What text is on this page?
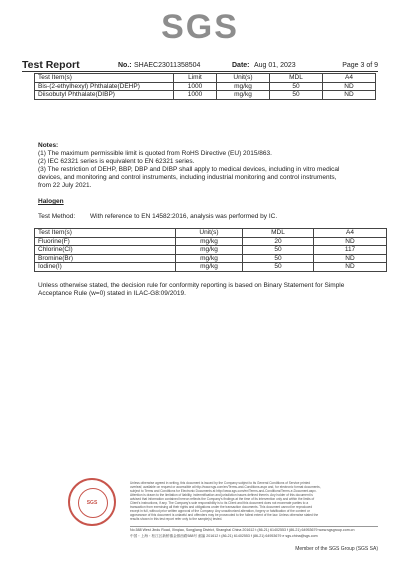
SGS
Test Report	No.: SHAEC23011358504	Date: Aug 01, 2023	Page 3 of 9
Test Item(s)	Limit	Unit(s)	MDL	A4
Bis-(2-ethylhexyl) Phthalate(DEHP)	1000	mg/kg	50	ND
Diisobutyl Phthalate(DIBP)	1000	mg/kg	50	ND
Notes:
(1) The maximum permissible limit is quoted from RoHS Directive (EU) 2015/863.
(2) IEC 62321 series is equivalent to EN 62321 series.
(3) The restriction of DEHP, BBP, DBP and DIBP shall apply to medical devices, including in vitro medical
devices, and monitoring and control instruments, including industrial monitoring and control instruments,
from 22 July 2021.
Halogen
Test Method: With reference to EN 14582:2016, analysis was performed by IC.
Test Item(s)	Unit(s)	MDL	A4
Fluorine(F)	mg/kg	20	ND
Chlorine(Cl)	mg/kg	50	117
Bromine(Br)	mg/kg	50	ND
Iodine(I)	mg/kg	50	ND
Unless otherwise stated, the decision rule for conformity reporting is based on Binary Statement for Simple
Acceptance Rule (w=0) stated in ILAC-G8:09/2019.
SGS
Unless otherwise agreed in writing, this document is issued by the Company subject to its General Conditions of Service printed
overleaf, available on request or accessible at http://www.sgs.com/en/Terms-and-Conditions.aspx and, for electronic format documents,
subject to Terms and Conditions for Electronic Documents at http://www.sgs.com/en/Terms-and-Conditions/Terms-e-Document.aspx.
Attention is drawn to the limitation of liability, indemnification and jurisdiction issues defined therein. Any holder of this document is
advised that information contained hereon reflects the Company's findings at the time of its intervention only and within the limits of
Client's instructions, if any. The Company's sole responsibility is to its Client and this document does not exonerate parties to a
transaction from exercising all their rights and obligations under the transaction documents. This document cannot be reproduced
except in full, without prior written approval of the Company. Any unauthorized alteration, forgery or falsification of the content or
appearance of this document is unlawful and offenders may be prosecuted to the fullest extent of the law. Unless otherwise stated the
results shown in this test report refer only to the sample(s) tested.
No.588 West Jindu Road, Xinqiao, Songjiang District, Shanghai China 201612 t (86-21) 61402553 f (86-21) 64953679 www.sgsgroup.com.cn
中国・上海・松江区新桥镇金都西路588号 邮编 201612 t (86-21) 61402553 f (86-21) 64953679 e sgs.china@sgs.com
Member of the SGS Group (SGS SA)
